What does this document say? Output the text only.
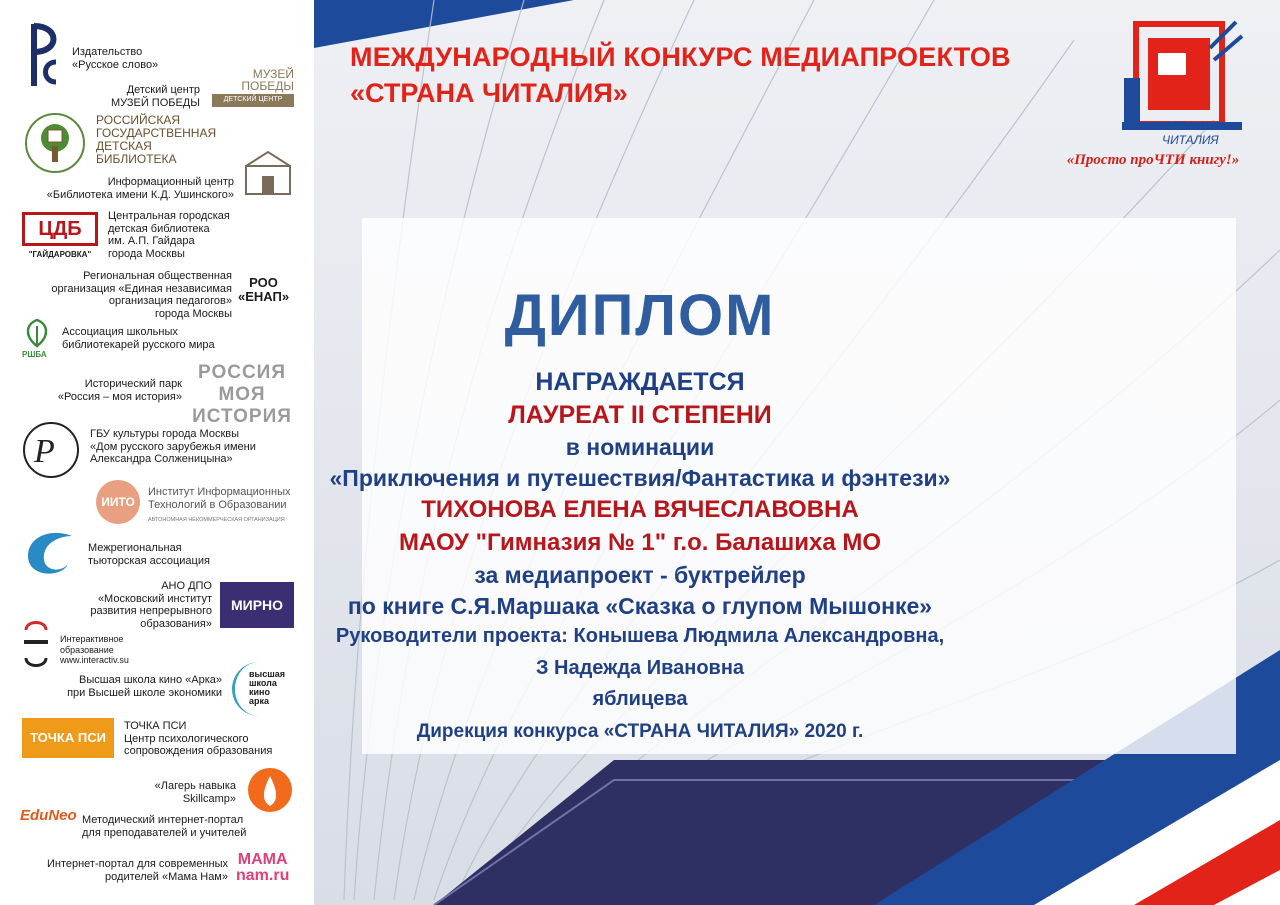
МЕЖДУНАРОДНЫЙ КОНКУРС МЕДИАПРОЕКТОВ
«СТРАНА ЧИТАЛИЯ»
СТРАНА
ЧИТАЛИЯ
«Просто проЧТИ книгу!»
ДИПЛОМ
НАГРАЖДАЕТСЯ
ЛАУРЕАТ II СТЕПЕНИ
в номинации
«Приключения и путешествия/Фантастика и фэнтези»
ТИХОНОВА ЕЛЕНА ВЯЧЕСЛАВОВНА
МАОУ "Гимназия № 1" г.о. Балашиха МО
за медиапроект - буктрейлер
по книге С.Я.Маршака «Сказка о глупом Мышонке»
Руководители проекта: Конышева Людмила Александровна,
З Надежда Ивановна
яблицева
Дирекция конкурса «СТРАНА ЧИТАЛИЯ» 2020 г.
Издательство
«Русское слово»
Детский центр
МУЗЕЙ ПОБЕДЫ
МУЗЕЙ
ПОБЕДЫ
ДЕТСКИЙ ЦЕНТР
РОССИЙСКАЯ
ГОСУДАРСТВЕННАЯ
ДЕТСКАЯ
БИБЛИОТЕКА
Информационный центр
«Библиотека имени К.Д. Ушинского»
ЦДБ
"ГАЙДАРОВКА"
Центральная городская
детская библиотека
им. А.П. Гайдара
города Москвы
Региональная общественная
организация «Единая независимая
организация педагогов»
города Москвы
РОО
«ЕНАП»
РШБА
Ассоциация школьных
библиотекарей русского мира
Исторический парк
«Россия – моя история»
РОССИЯ
МОЯ ИСТОРИЯ
P	ГБУ культуры города Москвы
«Дом русского зарубежья имени
Александра Солженицына»
ИИТО
Институт Информационных
Технологий в Образовании
АВТОНОМНАЯ НЕКОММЕРЧЕСКАЯ ОРГАНИЗАЦИЯ
Межрегиональная
тьюторская ассоциация
АНО ДПО
«Московский институт
развития непрерывного
образования»
МИРНО
Интерактивное
образование
www.interactiv.su
Высшая школа кино «Арка»
при Высшей школе экономики
высшая
школа
кино
арка
ТОЧКА ПСИ
ТОЧКА ПСИ
Центр психологического
сопровождения образования
«Лагерь навыка
Skillcamp»
EduNeo Методический интернет-портал
для преподавателей и учителей
Интернет-портал для современных
родителей «Мама Нам»
МАМА
nam.ru
